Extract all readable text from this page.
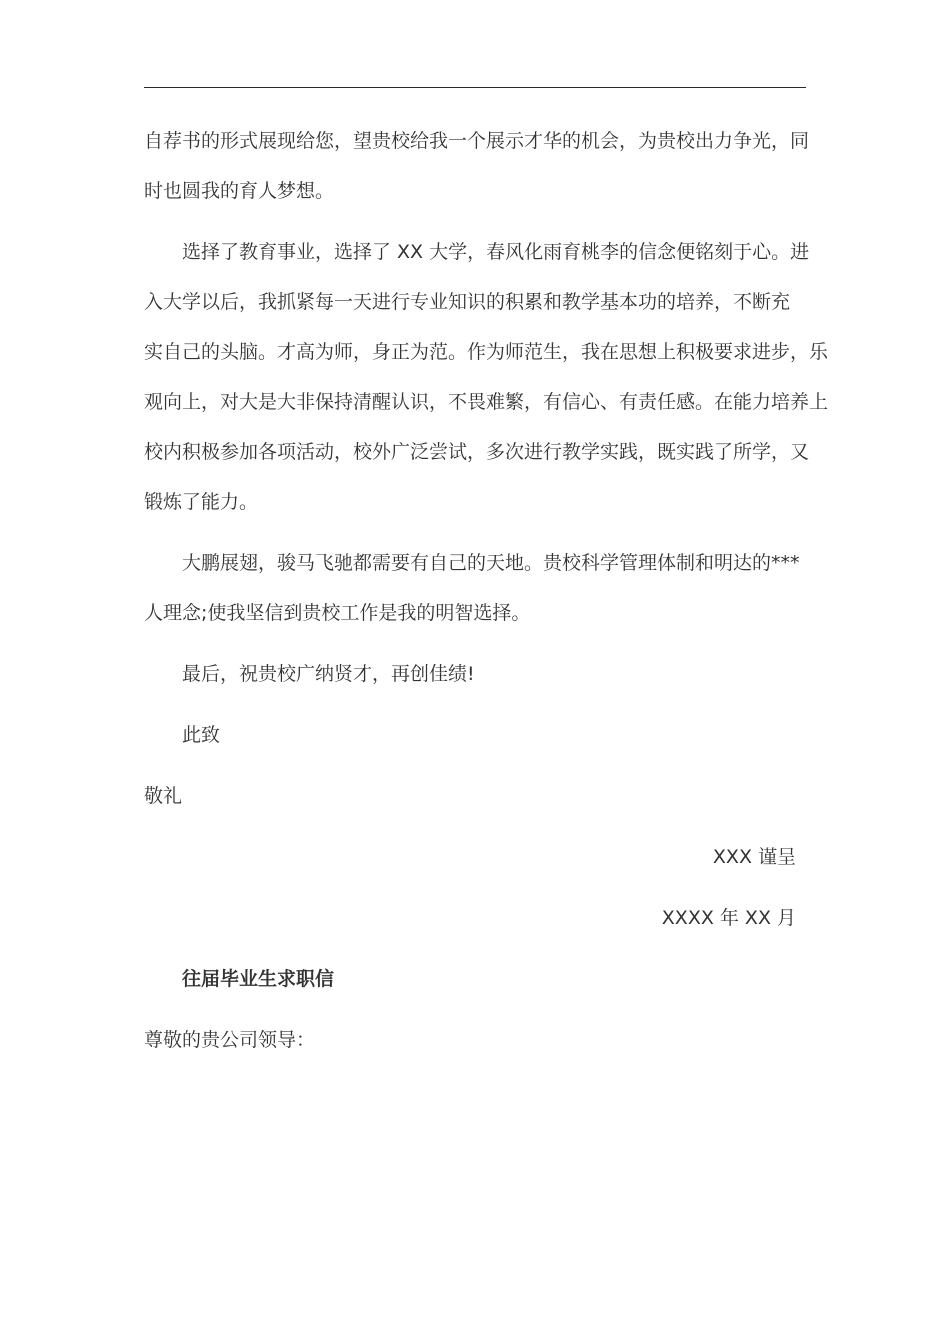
自荐书的形式展现给您，望贵校给我一个展示才华的机会，为贵校出力争光，同
时也圆我的育人梦想。
选择了教育事业，选择了 XX 大学，春风化雨育桃李的信念便铭刻于心。进
入大学以后，我抓紧每一天进行专业知识的积累和教学基本功的培养，不断充
实自己的头脑。才高为师，身正为范。作为师范生，我在思想上积极要求进步，乐
观向上，对大是大非保持清醒认识，不畏难繁，有信心、有责任感。在能力培养上
校内积极参加各项活动，校外广泛尝试，多次进行教学实践，既实践了所学，又
锻炼了能力。
大鹏展翅，骏马飞驰都需要有自己的天地。贵校科学管理体制和明达的***
人理念;使我坚信到贵校工作是我的明智选择。
最后，祝贵校广纳贤才，再创佳绩!
此致
敬礼
XXX 谨呈
XXXX 年 XX 月
往届毕业生求职信
尊敬的贵公司领导：
